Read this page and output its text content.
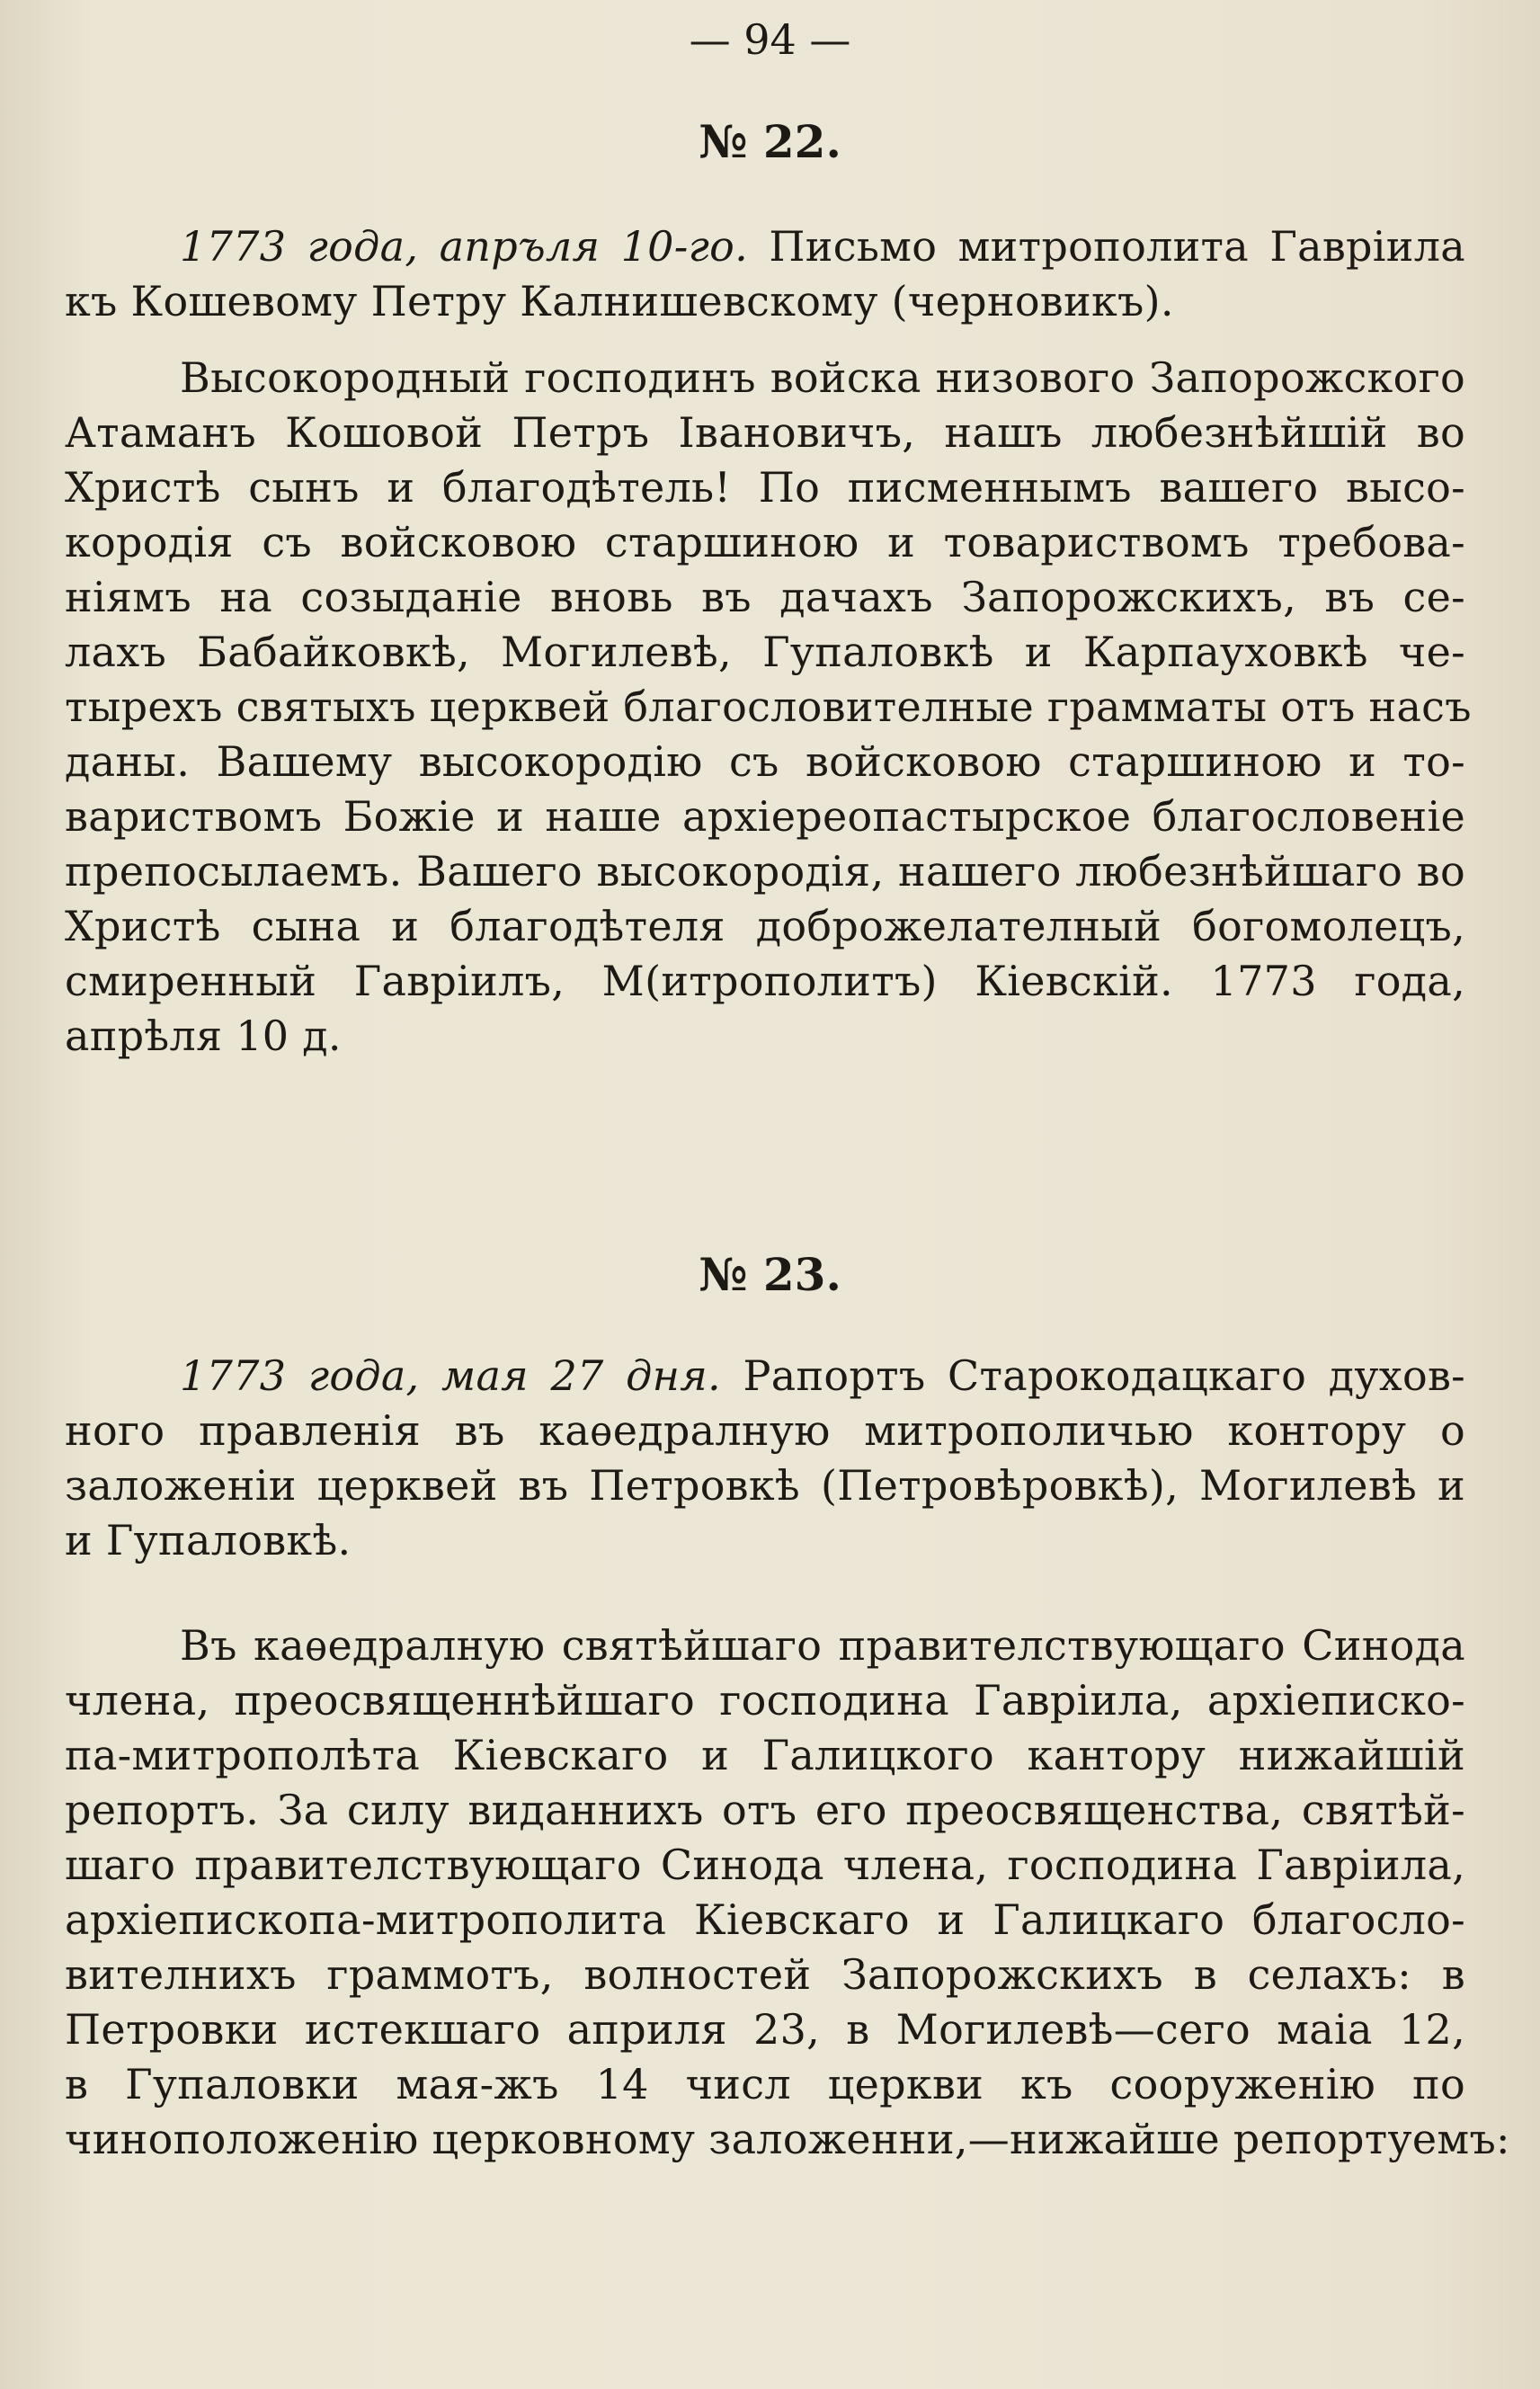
— 94 —
№ 22.
1773 года, апръля 10-го. Письмо митрополита Гавріила
къ Кошевому Петру Калнишевскому (черновикъ).
Высокородный господинъ войска низового Запорожского
Атаманъ Кошовой Петръ Івановичъ, нашъ любезнѣйшій во
Христѣ сынъ и благодѣтель! По писменнымъ вашего высо-
кородія съ войсковою старшиною и товариствомъ требова-
ніямъ на созыданіе вновь въ дачахъ Запорожскихъ, въ се-
лахъ Бабайковкѣ, Могилевѣ, Гупаловкѣ и Карпауховкѣ че-
тырехъ святыхъ церквей благословителные грамматы отъ насъ
даны. Вашему высокородію съ войсковою старшиною и то-
вариствомъ Божіе и наше архіереопастырское благословеніе
препосылаемъ. Вашего высокородія, нашего любезнѣйшаго во
Христѣ сына и благодѣтеля доброжелателный богомолецъ,
смиренный Гавріилъ, М(итрополитъ) Кіевскій. 1773 года,
апрѣля 10 д.
№ 23.
1773 года, мая 27 дня. Рапортъ Старокодацкаго духов-
ного правленія въ каѳедралную митрополичью контору о
заложеніи церквей въ Петровкѣ (Петровѣровкѣ), Могилевѣ и
и Гупаловкѣ.
Въ каѳедралную святѣйшаго правителствующаго Синода
члена, преосвященнѣйшаго господина Гавріила, архіеписко-
па-митрополѣта Кіевскаго и Галицкого кантору нижайшій
репортъ. За силу виданнихъ отъ его преосвященства, святѣй-
шаго правителствующаго Синода члена, господина Гавріила,
архіепископа-митрополита Кіевскаго и Галицкаго благосло-
вителнихъ граммотъ, волностей Запорожскихъ в селахъ: в
Петровки истекшаго априля 23, в Могилевѣ—сего маіа 12,
в Гупаловки мая-жъ 14 числ церкви къ сооруженію по
чиноположенію церковному заложенни,—нижайше репортуемъ:
